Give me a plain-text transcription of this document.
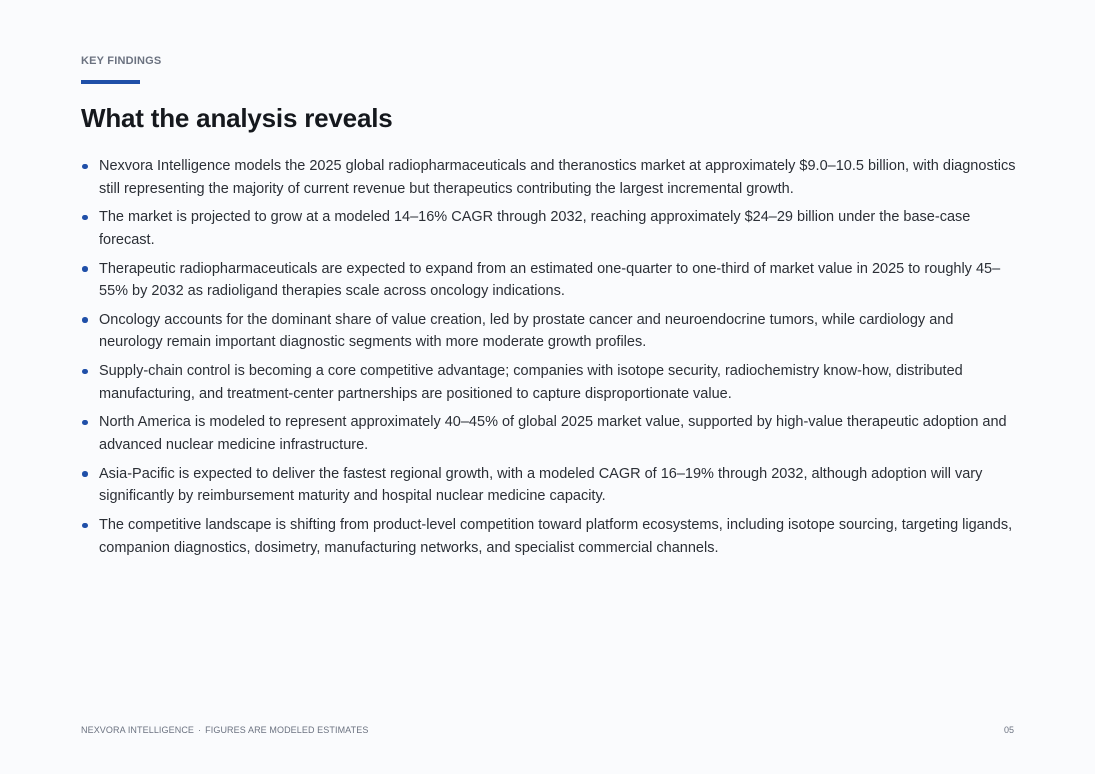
KEY FINDINGS
What the analysis reveals
Nexvora Intelligence models the 2025 global radiopharmaceuticals and theranostics market at approximately $9.0–10.5 billion, with diagnostics still representing the majority of current revenue but therapeutics contributing the largest incremental growth.
The market is projected to grow at a modeled 14–16% CAGR through 2032, reaching approximately $24–29 billion under the base-case forecast.
Therapeutic radiopharmaceuticals are expected to expand from an estimated one-quarter to one-third of market value in 2025 to roughly 45–55% by 2032 as radioligand therapies scale across oncology indications.
Oncology accounts for the dominant share of value creation, led by prostate cancer and neuroendocrine tumors, while cardiology and neurology remain important diagnostic segments with more moderate growth profiles.
Supply-chain control is becoming a core competitive advantage; companies with isotope security, radiochemistry know-how, distributed manufacturing, and treatment-center partnerships are positioned to capture disproportionate value.
North America is modeled to represent approximately 40–45% of global 2025 market value, supported by high-value therapeutic adoption and advanced nuclear medicine infrastructure.
Asia-Pacific is expected to deliver the fastest regional growth, with a modeled CAGR of 16–19% through 2032, although adoption will vary significantly by reimbursement maturity and hospital nuclear medicine capacity.
The competitive landscape is shifting from product-level competition toward platform ecosystems, including isotope sourcing, targeting ligands, companion diagnostics, dosimetry, manufacturing networks, and specialist commercial channels.
NEXVORA INTELLIGENCE · FIGURES ARE MODELED ESTIMATES	05
